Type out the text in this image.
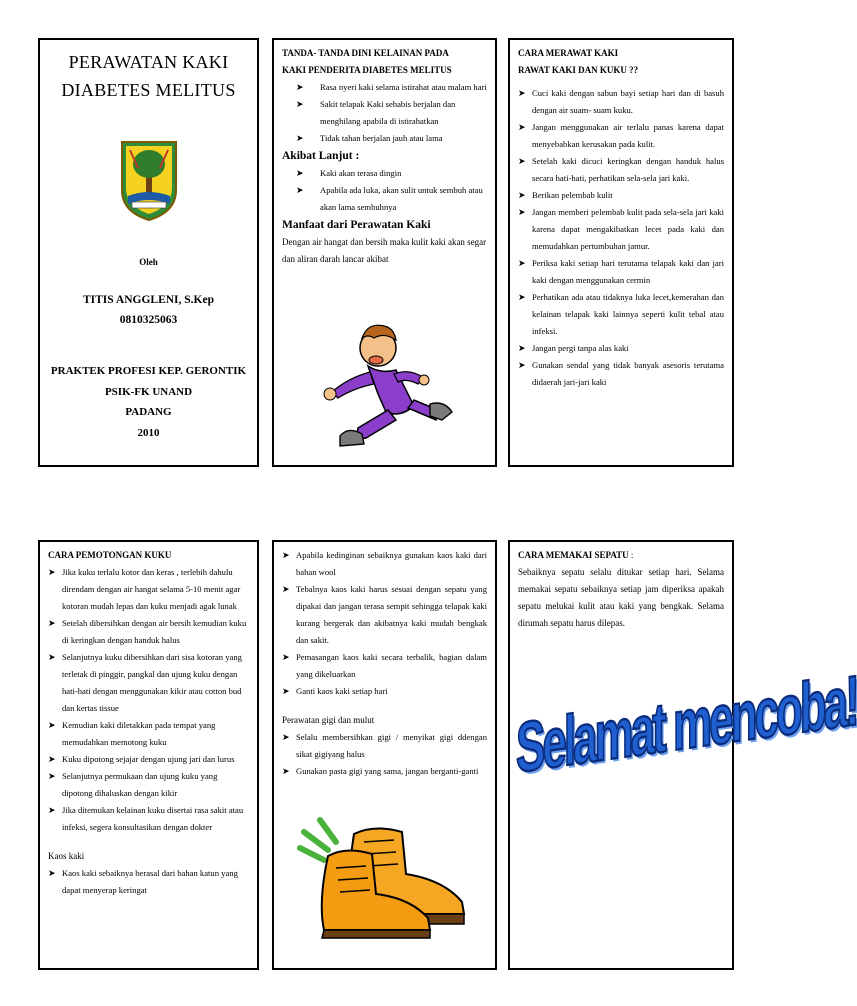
PERAWATAN KAKI
DIABETES MELITUS
Oleh
TITIS ANGGLENI, S.Kep
0810325063
PRAKTEK PROFESI KEP. GERONTIK
PSIK-FK UNAND
PADANG
2010
TANDA- TANDA DINI KELAINAN PADA
KAKI PENDERITA DIABETES MELITUS
➤ Rasa nyeri kaki selama istirahat atau malam hari
➤ Sakit telapak Kaki sehabis berjalan dan menghilang apabila di istirahatkan
➤ Tidak tahan berjalan jauh atau lama
Akibat Lanjut :
➤ Kaki akan terasa dingin
➤ Apabila ada luka, akan sulit untuk sembuh atau akan lama sembuhnya
Manfaat dari Perawatan Kaki
Dengan air hangat dan bersih maka kulit kaki akan segar dan aliran darah lancar akibat
CARA MERAWAT KAKI
RAWAT KAKI DAN KUKU ??
➤ Cuci kaki dengan sabun bayi setiap hari dan di basuh dengan air suam- suam kuku.
➤ Jangan menggunakan air terlalu panas karena dapat menyebabkan kerusakan pada kulit.
➤ Setelah kaki dicuci keringkan dengan handuk halus secara hati-hati, perhatikan sela-sela jari kaki.
➤ Berikan pelembab kulit
➤ Jangan memberi pelembab kulit pada sela-sela jari kaki karena dapat mengakibatkan lecet pada kaki dan memudahkan pertumbuhan jamur.
➤ Periksa kaki setiap hari terutama telapak kaki dan jari kaki dengan menggunakan cermin
➤ Perhatikan ada atau tidaknya luka lecet,kemerahan dan kelainan telapak kaki lainnya seperti kulit tebal atau infeksi.
➤ Jangan pergi tanpa alas kaki
➤ Gunakan sendal yang tidak banyak asesoris terutama didaerah jari-jari kaki
CARA PEMOTONGAN KUKU
➤ Jika kuku terlalu kotor dan keras , terlebih dahulu direndam dengan air hangat selama 5-10 menit agar kotoran mudah lepas dan kuku menjadi agak lunak
➤ Setelah dibersihkan dengan air bersih kemudian kuku di keringkan dengan handuk halus
➤ Selanjutnya kuku dibersihkan dari sisa kotoran yang terletak di pinggir, pangkal dan ujung kuku dengan hati-hati dengan menggunakan kikir atau cotton bud dan kertas tissue
➤ Kemudian kaki diletakkan pada tempat yang memudahkan memotong kuku
➤ Kuku dipotong sejajar dengan ujung jari dan lurus
➤ Selanjutnya permukaan dan ujung kuku yang dipotong dihaluskan dengan kikir
➤ Jika ditemukan kelainan kuku disertai rasa sakit atau infeksi, segera konsultasikan dengan dokter
Kaos kaki
➤ Kaos kaki sebaiknya berasal dari bahan katun yang dapat menyerap keringat
➤ Apabila kedinginan sebaiknya gunakan kaos kaki dari bahan wool
➤ Tebalnya kaos kaki harus sesuai dengan sepatu yang dipakai dan jangan terasa sempit sehingga telapak kaki kurang bergerak dan akibatnya kaki mudah bengkak dan sakit.
➤ Pemasangan kaos kaki secara terbalik, bagian dalam yang dikeluarkan
➤ Ganti kaos kaki setiap hari
Perawatan gigi dan mulut
➤ Selalu membersihkan gigi / menyikat gigi ddengan sikat gigiyang halus
➤ Gunakan pasta gigi yang sama, jangan berganti-ganti
CARA MEMAKAI SEPATU :
Sebaiknya sepatu selalu ditukar setiap hari. Selama memakai sepatu sebaiknya setiap jam diperiksa apakah sepatu melukai kulit atau kaki yang bengkak. Selama dirumah sepatu harus dilepas.
Selamat mencoba!
